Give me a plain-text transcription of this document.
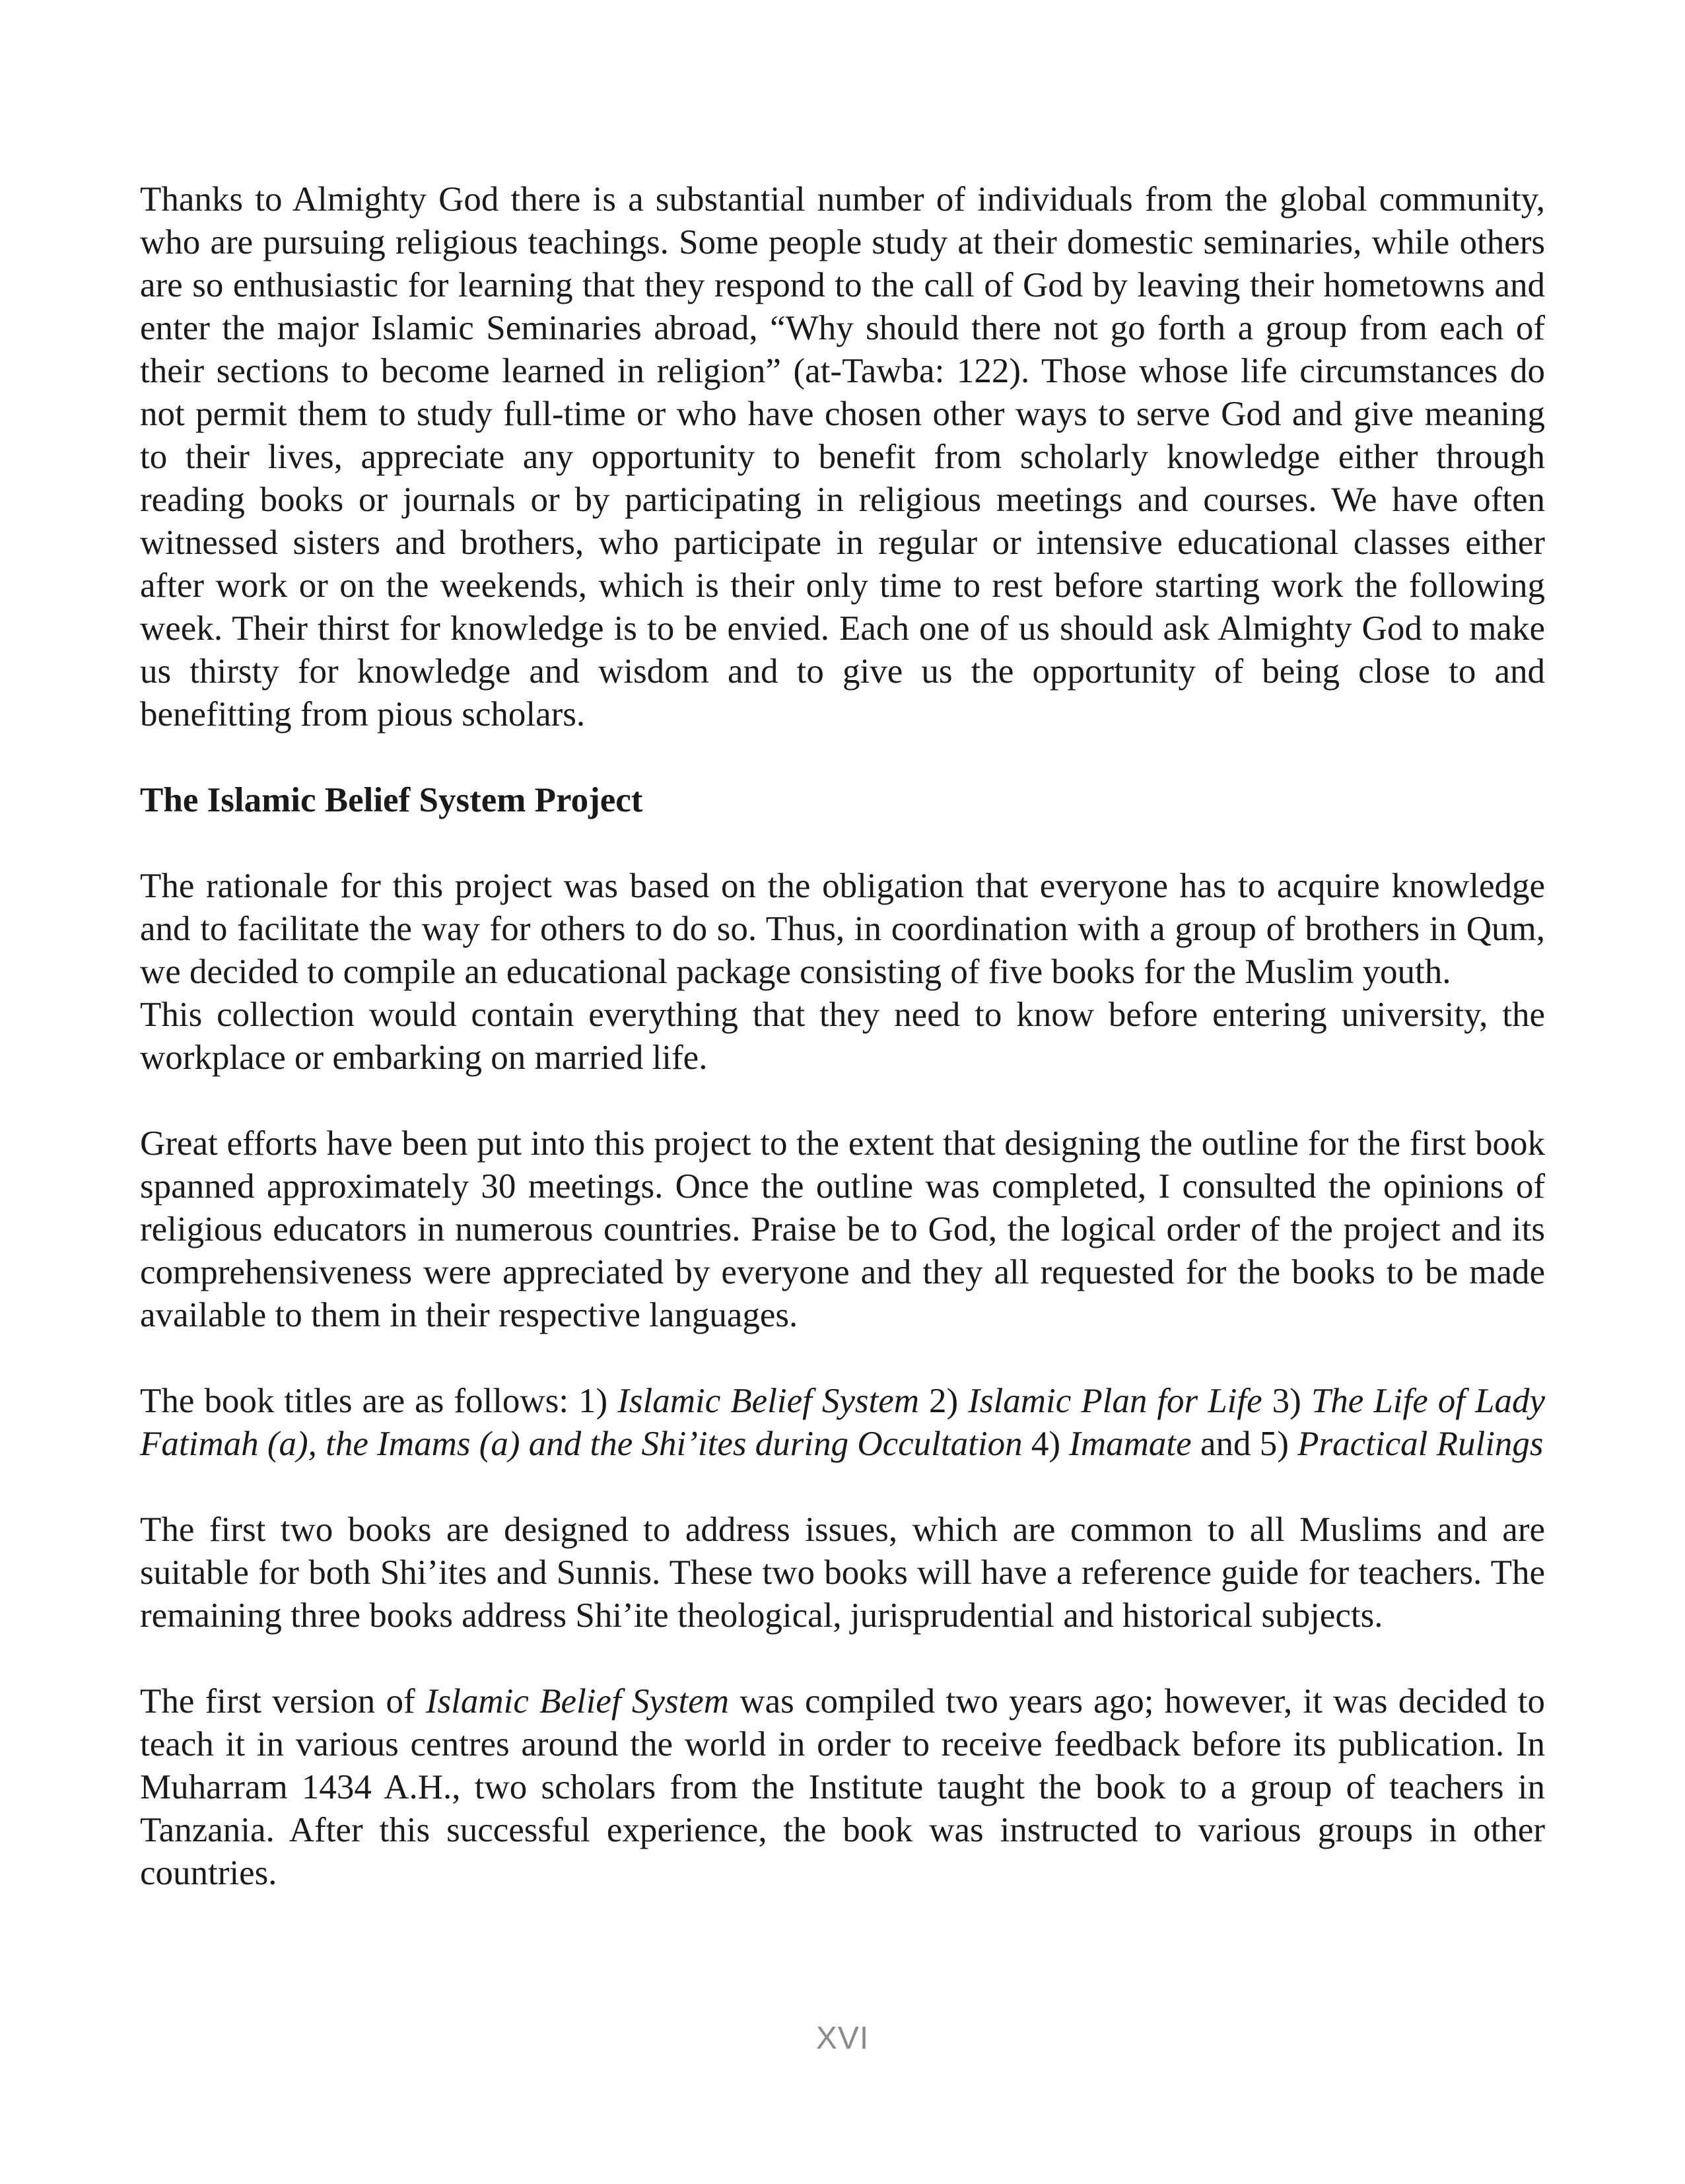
Thanks to Almighty God there is a substantial number of individuals from the global community, who are pursuing religious teachings. Some people study at their domestic seminaries, while others are so enthusiastic for learning that they respond to the call of God by leaving their hometowns and enter the major Islamic Seminaries abroad, “Why should there not go forth a group from each of their sections to become learned in religion” (at-Tawba: 122). Those whose life circumstances do not permit them to study full-time or who have chosen other ways to serve God and give meaning to their lives, appreciate any opportunity to benefit from scholarly knowledge either through reading books or journals or by participating in religious meetings and courses. We have often witnessed sisters and brothers, who participate in regular or intensive educational classes either after work or on the weekends, which is their only time to rest before starting work the following week. Their thirst for knowledge is to be envied. Each one of us should ask Almighty God to make us thirsty for knowledge and wisdom and to give us the opportunity of being close to and benefitting from pious scholars.

The Islamic Belief System Project

The rationale for this project was based on the obligation that everyone has to acquire knowledge and to facilitate the way for others to do so. Thus, in coordination with a group of brothers in Qum, we decided to compile an educational package consisting of five books for the Muslim youth.
This collection would contain everything that they need to know before entering university, the workplace or embarking on married life.

Great efforts have been put into this project to the extent that designing the outline for the first book spanned approximately 30 meetings. Once the outline was completed, I consulted the opinions of religious educators in numerous countries. Praise be to God, the logical order of the project and its comprehensiveness were appreciated by everyone and they all requested for the books to be made available to them in their respective languages.

The book titles are as follows: 1) Islamic Belief System 2) Islamic Plan for Life 3) The Life of Lady Fatimah (a), the Imams (a) and the Shi’ites during Occultation 4) Imamate and 5) Practical Rulings

The first two books are designed to address issues, which are common to all Muslims and are suitable for both Shi’ites and Sunnis. These two books will have a reference guide for teachers. The remaining three books address Shi’ite theological, jurisprudential and historical subjects.

The first version of Islamic Belief System was compiled two years ago; however, it was decided to teach it in various centres around the world in order to receive feedback before its publication. In Muharram 1434 A.H., two scholars from the Institute taught the book to a group of teachers in Tanzania. After this successful experience, the book was instructed to various groups in other countries.

XVI
